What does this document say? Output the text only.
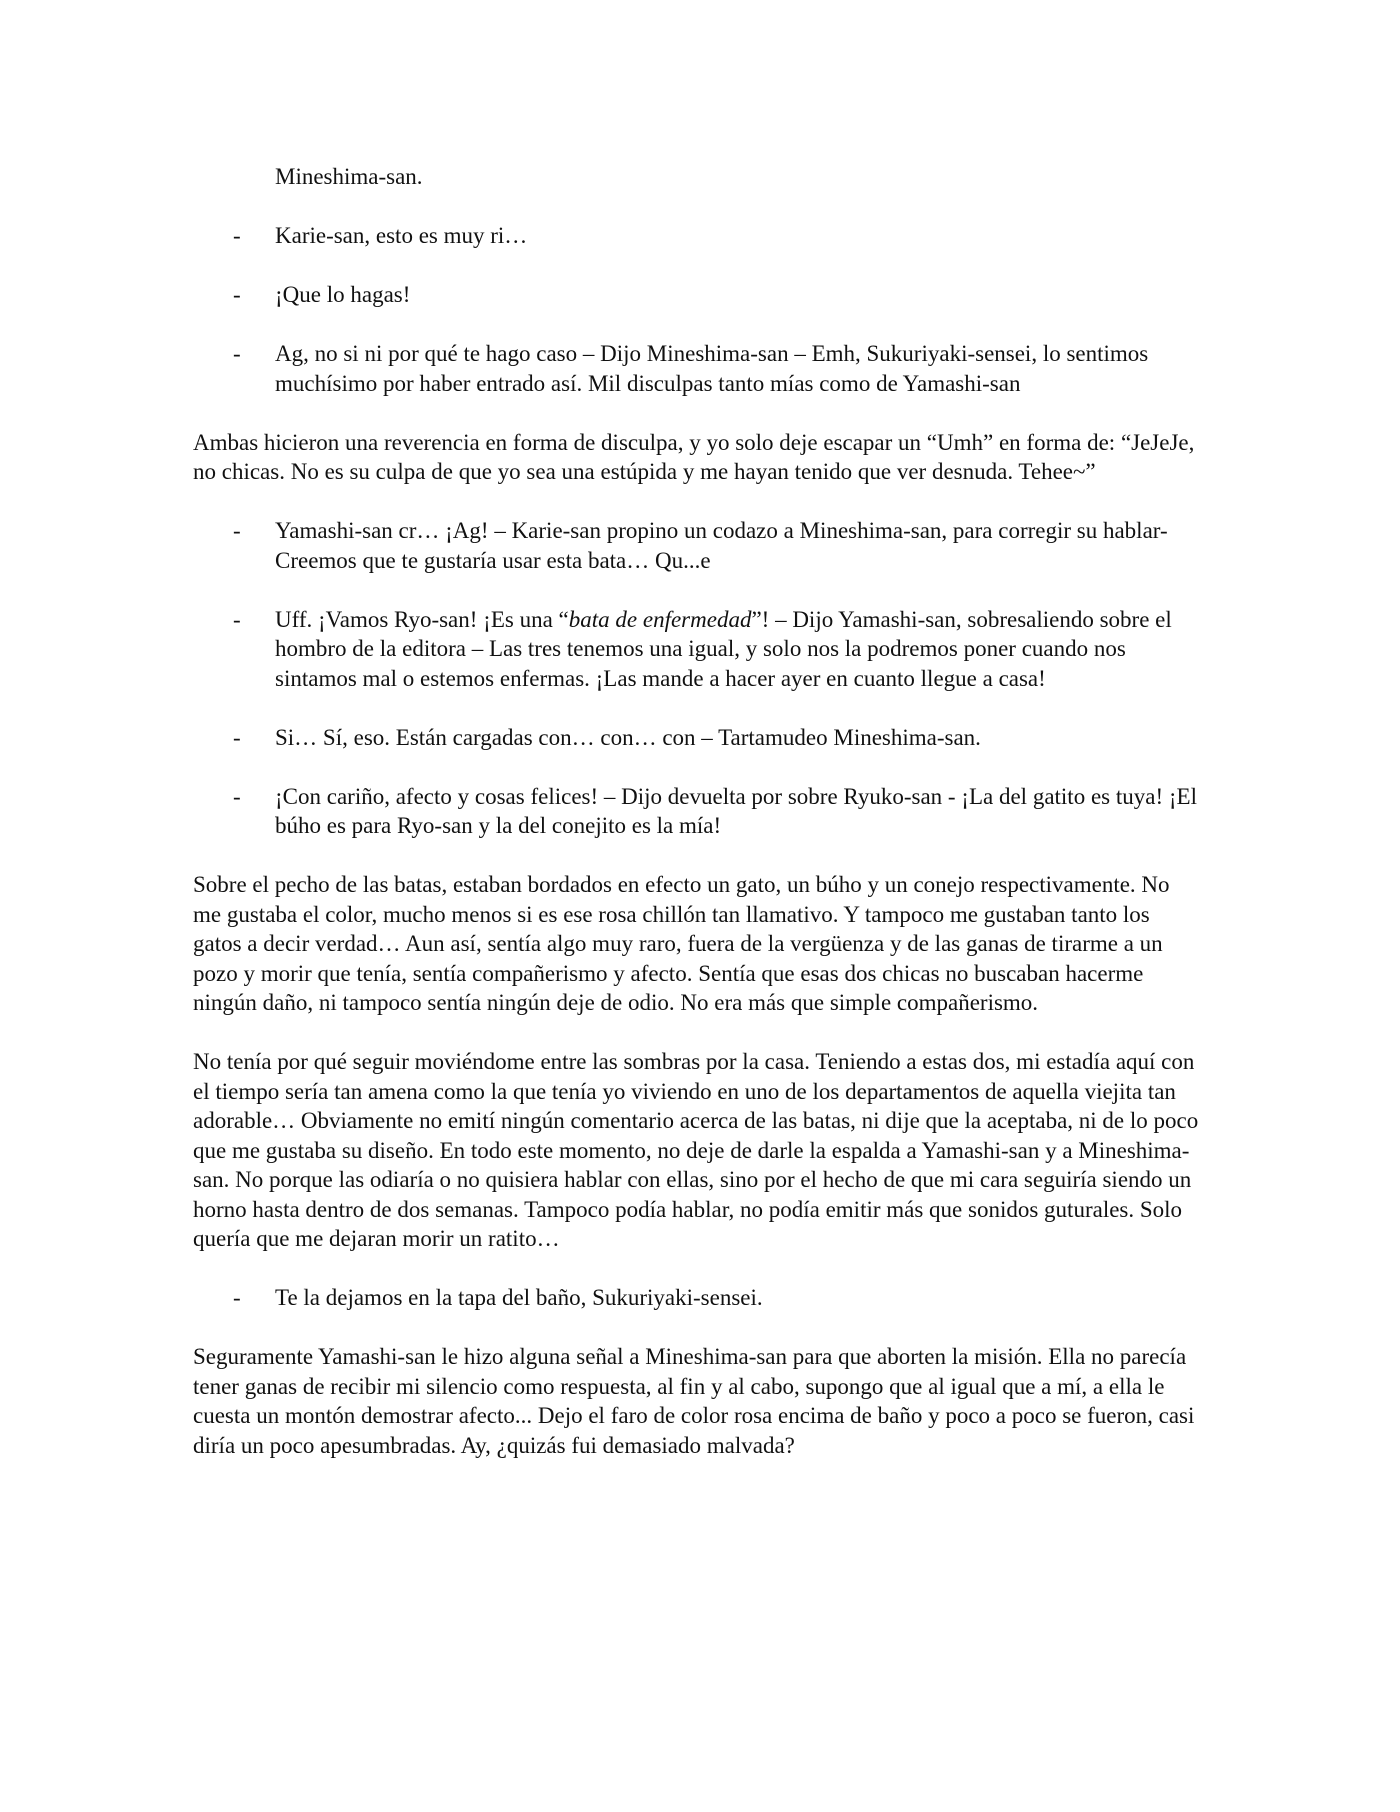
Mineshima-san.

- Karie-san, esto es muy ri…

- ¡Que lo hagas!

- Ag, no si ni por qué te hago caso – Dijo Mineshima-san – Emh, Sukuriyaki-sensei, lo sentimos muchísimo por haber entrado así. Mil disculpas tanto mías como de Yamashi-san

Ambas hicieron una reverencia en forma de disculpa, y yo solo deje escapar un “Umh” en forma de: “JeJeJe, no chicas. No es su culpa de que yo sea una estúpida y me hayan tenido que ver desnuda. Tehee~”

- Yamashi-san cr… ¡Ag! – Karie-san propino un codazo a Mineshima-san, para corregir su hablar- Creemos que te gustaría usar esta bata… Qu...e

- Uff. ¡Vamos Ryo-san! ¡Es una “bata de enfermedad”! – Dijo Yamashi-san, sobresaliendo sobre el hombro de la editora – Las tres tenemos una igual, y solo nos la podremos poner cuando nos sintamos mal o estemos enfermas. ¡Las mande a hacer ayer en cuanto llegue a casa!

- Si… Sí, eso. Están cargadas con… con… con – Tartamudeo Mineshima-san.

- ¡Con cariño, afecto y cosas felices! – Dijo devuelta por sobre Ryuko-san - ¡La del gatito es tuya! ¡El búho es para Ryo-san y la del conejito es la mía!

Sobre el pecho de las batas, estaban bordados en efecto un gato, un búho y un conejo respectivamente. No me gustaba el color, mucho menos si es ese rosa chillón tan llamativo. Y tampoco me gustaban tanto los gatos a decir verdad… Aun así, sentía algo muy raro, fuera de la vergüenza y de las ganas de tirarme a un pozo y morir que tenía, sentía compañerismo y afecto. Sentía que esas dos chicas no buscaban hacerme ningún daño, ni tampoco sentía ningún deje de odio. No era más que simple compañerismo.

No tenía por qué seguir moviéndome entre las sombras por la casa. Teniendo a estas dos, mi estadía aquí con el tiempo sería tan amena como la que tenía yo viviendo en uno de los departamentos de aquella viejita tan adorable… Obviamente no emití ningún comentario acerca de las batas, ni dije que la aceptaba, ni de lo poco que me gustaba su diseño. En todo este momento, no deje de darle la espalda a Yamashi-san y a Mineshima-san. No porque las odiaría o no quisiera hablar con ellas, sino por el hecho de que mi cara seguiría siendo un horno hasta dentro de dos semanas. Tampoco podía hablar, no podía emitir más que sonidos guturales. Solo quería que me dejaran morir un ratito…

- Te la dejamos en la tapa del baño, Sukuriyaki-sensei.

Seguramente Yamashi-san le hizo alguna señal a Mineshima-san para que aborten la misión. Ella no parecía tener ganas de recibir mi silencio como respuesta, al fin y al cabo, supongo que al igual que a mí, a ella le cuesta un montón demostrar afecto... Dejo el faro de color rosa encima de baño y poco a poco se fueron, casi diría un poco apesumbradas. Ay, ¿quizás fui demasiado malvada?
